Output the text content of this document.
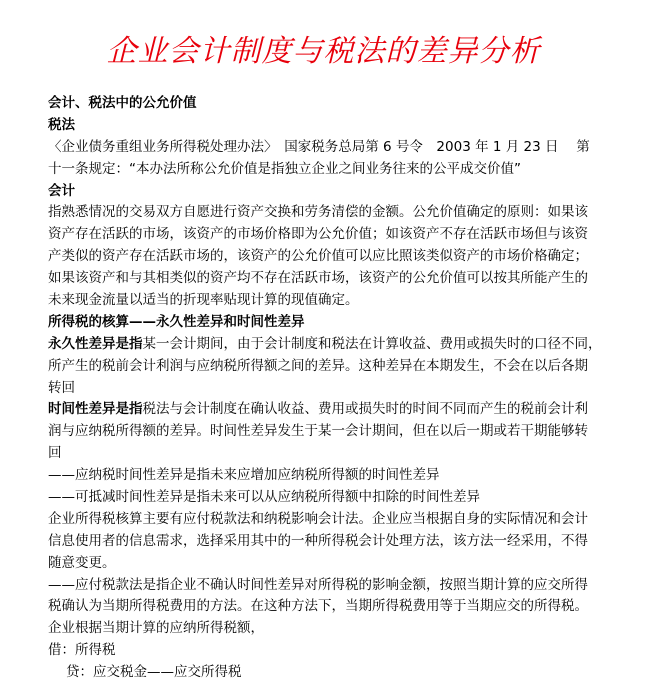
企业会计制度与税法的差异分析
会计、税法中的公允价值
税法
〈企业债务重组业务所得税处理办法〉　国家税务总局第 6 号令　2003 年 1 月 23 日　 第
十一条规定：“本办法所称公允价值是指独立企业之间业务往来的公平成交价值”
会计
指熟悉情况的交易双方自愿进行资产交换和劳务清偿的金额。公允价值确定的原则：如果该
资产存在活跃的市场，该资产的市场价格即为公允价值；如该资产不存在活跃市场但与该资
产类似的资产存在活跃市场的，该资产的公允价值可以应比照该类似资产的市场价格确定；
如果该资产和与其相类似的资产均不存在活跃市场，该资产的公允价值可以按其所能产生的
未来现金流量以适当的折现率贴现计算的现值确定。
所得税的核算——永久性差异和时间性差异
永久性差异是指某一会计期间，由于会计制度和税法在计算收益、费用或损失时的口径不同，
所产生的税前会计利润与应纳税所得额之间的差异。这种差异在本期发生，不会在以后各期
转回
时间性差异是指税法与会计制度在确认收益、费用或损失时的时间不同而产生的税前会计利
润与应纳税所得额的差异。时间性差异发生于某一会计期间，但在以后一期或若干期能够转
回
——应纳税时间性差异是指未来应增加应纳税所得额的时间性差异
——可抵减时间性差异是指未来可以从应纳税所得额中扣除的时间性差异
企业所得税核算主要有应付税款法和纳税影响会计法。企业应当根据自身的实际情况和会计
信息使用者的信息需求，选择采用其中的一种所得税会计处理方法，该方法一经采用，不得
随意变更。
——应付税款法是指企业不确认时间性差异对所得税的影响金额，按照当期计算的应交所得
税确认为当期所得税费用的方法。在这种方法下，当期所得税费用等于当期应交的所得税。
企业根据当期计算的应纳所得税额，
借：所得税
贷：应交税金——应交所得税
